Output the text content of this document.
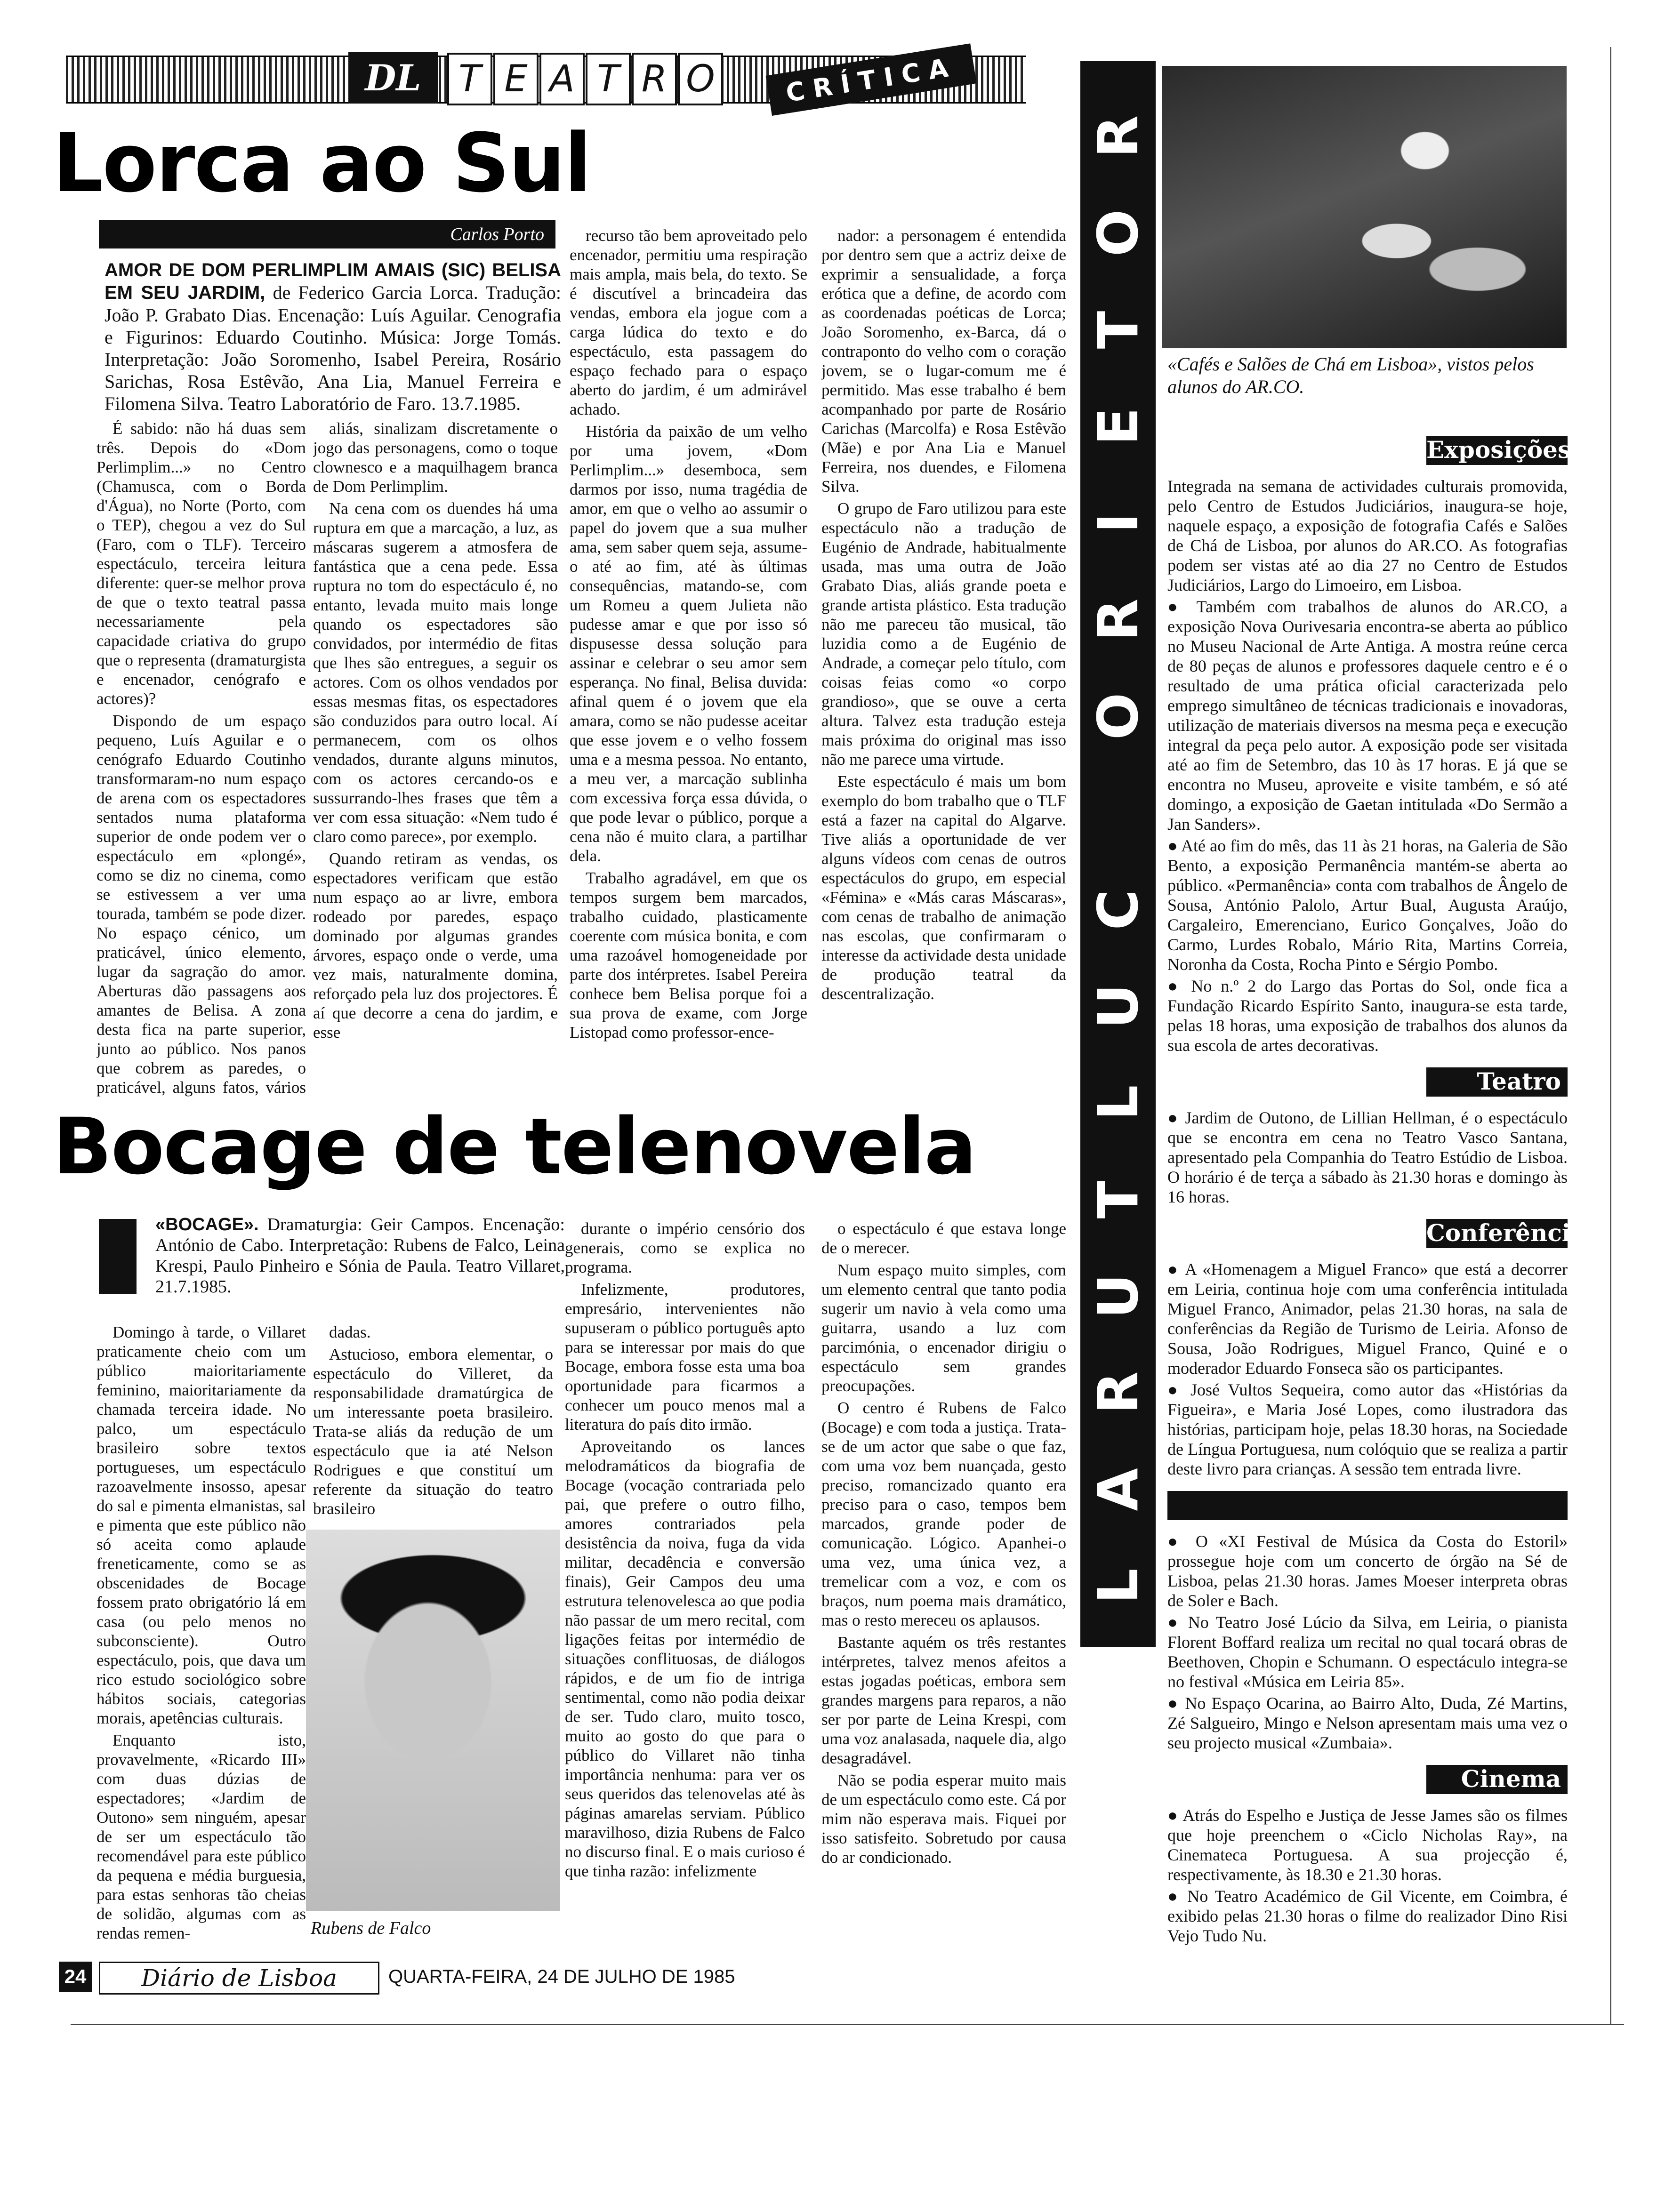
DL	T E A T R O	CRÍTICA
Lorca ao Sul
Carlos Porto
AMOR DE DOM PERLIMPLIM AMAIS (SIC) BELISA EM SEU JARDIM, de Federico Garcia Lorca. Tradução: João P. Grabato Dias. Encenação: Luís Aguilar. Cenografia e Figurinos: Eduardo Coutinho. Música: Jorge Tomás. Interpretação: João Soromenho, Isabel Pereira, Rosário Sarichas, Rosa Estêvão, Ana Lia, Manuel Ferreira e Filomena Silva. Teatro Laboratório de Faro. 13.7.1985.

É sabido: não há duas sem três. Depois do «Dom Perlimplim...» no Centro (Chamusca, com o Borda d'Água), no Norte (Porto, com o TEP), chegou a vez do Sul (Faro, com o TLF). Terceiro espectáculo, terceira leitura diferente: quer-se melhor prova de que o texto teatral passa necessariamente pela capacidade criativa do grupo que o representa (dramaturgista e encenador, cenógrafo e actores)?

Dispondo de um espaço pequeno, Luís Aguilar e o cenógrafo Eduardo Coutinho transformaram-no num espaço de arena com os espectadores sentados numa plataforma superior de onde podem ver o espectáculo em «plongé», como se diz no cinema, como se estivessem a ver uma tourada, também se pode dizer. No espaço cénico, um praticável, único elemento, lugar da sagração do amor. Aberturas dão passagens aos amantes de Belisa. A zona desta fica na parte superior, junto ao público. Nos panos que cobrem as paredes, o praticável, alguns fatos, vários

aliás, sinalizam discretamente o jogo das personagens, como o toque clownesco e a maquilhagem branca de Dom Perlimplim.

Na cena com os duendes há uma ruptura em que a marcação, a luz, as máscaras sugerem a atmosfera de fantástica que a cena pede. Essa ruptura no tom do espectáculo é, no entanto, levada muito mais longe quando os espectadores são convidados, por intermédio de fitas que lhes são entregues, a seguir os actores. Com os olhos vendados por essas mesmas fitas, os espectadores são conduzidos para outro local. Aí permanecem, com os olhos vendados, durante alguns minutos, com os actores cercando-os e sussurrando-lhes frases que têm a ver com essa situação: «Nem tudo é claro como parece», por exemplo.

Quando retiram as vendas, os espectadores verificam que estão num espaço ao ar livre, embora rodeado por paredes, espaço dominado por algumas grandes árvores, espaço onde o verde, uma vez mais, naturalmente domina, reforçado pela luz dos projectores. É aí que decorre a cena do jardim, e esse

recurso tão bem aproveitado pelo encenador, permitiu uma respiração mais ampla, mais bela, do texto. Se é discutível a brincadeira das vendas, embora ela jogue com a carga lúdica do texto e do espectáculo, esta passagem do espaço fechado para o espaço aberto do jardim, é um admirável achado.

História da paixão de um velho por uma jovem, «Dom Perlimplim...» desemboca, sem darmos por isso, numa tragédia de amor, em que o velho ao assumir o papel do jovem que a sua mulher ama, sem saber quem seja, assume-o até ao fim, até às últimas consequências, matando-se, com um Romeu a quem Julieta não pudesse amar e que por isso só dispusesse dessa solução para assinar e celebrar o seu amor sem esperança. No final, Belisa duvida: afinal quem é o jovem que ela amara, como se não pudesse aceitar que esse jovem e o velho fossem uma e a mesma pessoa. No entanto, a meu ver, a marcação sublinha com excessiva força essa dúvida, o que pode levar o público, porque a cena não é muito clara, a partilhar dela.

Trabalho agradável, em que os tempos surgem bem marcados, trabalho cuidado, plasticamente coerente com música bonita, e com uma razoável homogeneidade por parte dos intérpretes. Isabel Pereira conhece bem Belisa porque foi a sua prova de exame, com Jorge Listopad como professor-ence-

nador: a personagem é entendida por dentro sem que a actriz deixe de exprimir a sensualidade, a força erótica que a define, de acordo com as coordenadas poéticas de Lorca; João Soromenho, ex-Barca, dá o contraponto do velho com o coração jovem, se o lugar-comum me é permitido. Mas esse trabalho é bem acompanhado por parte de Rosário Carichas (Marcolfa) e Rosa Estêvão (Mãe) e por Ana Lia e Manuel Ferreira, nos duendes, e Filomena Silva.

O grupo de Faro utilizou para este espectáculo não a tradução de Eugénio de Andrade, habitualmente usada, mas uma outra de João Grabato Dias, aliás grande poeta e grande artista plástico. Esta tradução não me pareceu tão musical, tão luzidia como a de Eugénio de Andrade, a começar pelo título, com coisas feias como «o corpo grandioso», que se ouve a certa altura. Talvez esta tradução esteja mais próxima do original mas isso não me parece uma virtude.

Este espectáculo é mais um bom exemplo do bom trabalho que o TLF está a fazer na capital do Algarve. Tive aliás a oportunidade de ver alguns vídeos com cenas de outros espectáculos do grupo, em especial «Fémina» e «Más caras Máscaras», com cenas de trabalho de animação nas escolas, que confirmaram o interesse da actividade desta unidade de produção teatral da descentralização.

Bocage de telenovela
I	«BOCAGE». Dramaturgia: Geir Campos. Encenação: António de Cabo. Interpretação: Rubens de Falco, Leina Krespi, Paulo Pinheiro e Sónia de Paula. Teatro Villaret, 21.7.1985.

Domingo à tarde, o Villaret praticamente cheio com um público maioritariamente feminino, maioritariamente da chamada terceira idade. No palco, um espectáculo brasileiro sobre textos portugueses, um espectáculo razoavelmente insosso, apesar do sal e pimenta elmanistas, sal e pimenta que este público não só aceita como aplaude freneticamente, como se as obscenidades de Bocage fossem prato obrigatório lá em casa (ou pelo menos no subconsciente). Outro espectáculo, pois, que dava um rico estudo sociológico sobre hábitos sociais, categorias morais, apetências culturais.

Enquanto isto, provavelmente, «Ricardo III» com duas dúzias de espectadores; «Jardim de Outono» sem ninguém, apesar de ser um espectáculo tão recomendável para este público da pequena e média burguesia, para estas senhoras tão cheias de solidão, algumas com as rendas remen-

dadas.

Astucioso, embora elementar, o espectáculo do Villeret, da responsabilidade dramatúrgica de um interessante poeta brasileiro. Trata-se aliás da redução de um espectáculo que ia até Nelson Rodrigues e que constituí um referente da situação do teatro brasileiro

Rubens de Falco

durante o império censório dos generais, como se explica no programa.

Infelizmente, produtores, empresário, intervenientes não supuseram o público português apto para se interessar por mais do que Bocage, embora fosse esta uma boa oportunidade para ficarmos a conhecer um pouco menos mal a literatura do país dito irmão.

Aproveitando os lances melodramáticos da biografia de Bocage (vocação contrariada pelo pai, que prefere o outro filho, amores contrariados pela desistência da noiva, fuga da vida militar, decadência e conversão finais), Geir Campos deu uma estrutura telenovelesca ao que podia não passar de um mero recital, com ligações feitas por intermédio de situações conflituosas, de diálogos rápidos, e de um fio de intriga sentimental, como não podia deixar de ser. Tudo claro, muito tosco, muito ao gosto do que para o público do Villaret não tinha importância nenhuma: para ver os seus queridos das telenovelas até às páginas amarelas serviam. Público maravilhoso, dizia Rubens de Falco no discurso final. E o mais curioso é que tinha razão: infelizmente

o espectáculo é que estava longe de o merecer.

Num espaço muito simples, com um elemento central que tanto podia sugerir um navio à vela como uma guitarra, usando a luz com parcimónia, o encenador dirigiu o espectáculo sem grandes preocupações.

O centro é Rubens de Falco (Bocage) e com toda a justiça. Trata-se de um actor que sabe o que faz, com uma voz bem nuançada, gesto preciso, romancizado quanto era preciso para o caso, tempos bem marcados, grande poder de comunicação. Lógico. Apanhei-o uma vez, uma única vez, a tremelicar com a voz, e com os braços, num poema mais dramático, mas o resto mereceu os aplausos.

Bastante aquém os três restantes intérpretes, talvez menos afeitos a estas jogadas poéticas, embora sem grandes margens para reparos, a não ser por parte de Leina Krespi, com uma voz analasada, naquele dia, algo desagradável.

Não se podia esperar muito mais de um espectáculo como este. Cá por mim não esperava mais. Fiquei por isso satisfeito. Sobretudo por causa do ar condicionado.

R
O
T
E
I
R
O
C
U
L
T
U
R
A
L
«Cafés e Salões de Chá em Lisboa», vistos pelos alunos do AR.CO.
Exposições

Integrada na semana de actividades culturais promovida, pelo Centro de Estudos Judiciários, inaugura-se hoje, naquele espaço, a exposição de fotografia Cafés e Salões de Chá de Lisboa, por alunos do AR.CO. As fotografias podem ser vistas até ao dia 27 no Centro de Estudos Judiciários, Largo do Limoeiro, em Lisboa.

● Também com trabalhos de alunos do AR.CO, a exposição Nova Ourivesaria encontra-se aberta ao público no Museu Nacional de Arte Antiga. A mostra reúne cerca de 80 peças de alunos e professores daquele centro e é o resultado de uma prática oficial caracterizada pelo emprego simultâneo de técnicas tradicionais e inovadoras, utilização de materiais diversos na mesma peça e execução integral da peça pelo autor. A exposição pode ser visitada até ao fim de Setembro, das 10 às 17 horas. E já que se encontra no Museu, aproveite e visite também, e só até domingo, a exposição de Gaetan intitulada «Do Sermão a Jan Sanders».

● Até ao fim do mês, das 11 às 21 horas, na Galeria de São Bento, a exposição Permanência mantém-se aberta ao público. «Permanência» conta com trabalhos de Ângelo de Sousa, António Palolo, Artur Bual, Augusta Araújo, Cargaleiro, Emerenciano, Eurico Gonçalves, João do Carmo, Lurdes Robalo, Mário Rita, Martins Correia, Noronha da Costa, Rocha Pinto e Sérgio Pombo.

● No n.º 2 do Largo das Portas do Sol, onde fica a Fundação Ricardo Espírito Santo, inaugura-se esta tarde, pelas 18 horas, uma exposição de trabalhos dos alunos da sua escola de artes decorativas.

Teatro

● Jardim de Outono, de Lillian Hellman, é o espectáculo que se encontra em cena no Teatro Vasco Santana, apresentado pela Companhia do Teatro Estúdio de Lisboa. O horário é de terça a sábado às 21.30 horas e domingo às 16 horas.

Conferências

● A «Homenagem a Miguel Franco» que está a decorrer em Leiria, continua hoje com uma conferência intitulada Miguel Franco, Animador, pelas 21.30 horas, na sala de conferências da Região de Turismo de Leiria. Afonso de Sousa, João Rodrigues, Miguel Franco, Quiné e o moderador Eduardo Fonseca são os participantes.

● José Vultos Sequeira, como autor das «Histórias da Figueira», e Maria José Lopes, como ilustradora das histórias, participam hoje, pelas 18.30 horas, na Sociedade de Língua Portuguesa, num colóquio que se realiza a partir deste livro para crianças. A sessão tem entrada livre.

● O «XI Festival de Música da Costa do Estoril» prossegue hoje com um concerto de órgão na Sé de Lisboa, pelas 21.30 horas. James Moeser interpreta obras de Soler e Bach.

● No Teatro José Lúcio da Silva, em Leiria, o pianista Florent Boffard realiza um recital no qual tocará obras de Beethoven, Chopin e Schumann. O espectáculo integra-se no festival «Música em Leiria 85».

● No Espaço Ocarina, ao Bairro Alto, Duda, Zé Martins, Zé Salgueiro, Mingo e Nelson apresentam mais uma vez o seu projecto musical «Zumbaia».

Cinema

● Atrás do Espelho e Justiça de Jesse James são os filmes que hoje preenchem o «Ciclo Nicholas Ray», na Cinemateca Portuguesa. A sua projecção é, respectivamente, às 18.30 e 21.30 horas.

● No Teatro Académico de Gil Vicente, em Coimbra, é exibido pelas 21.30 horas o filme do realizador Dino Risi Vejo Tudo Nu.

24	Diário de Lisboa	QUARTA-FEIRA, 24 DE JULHO DE 1985
